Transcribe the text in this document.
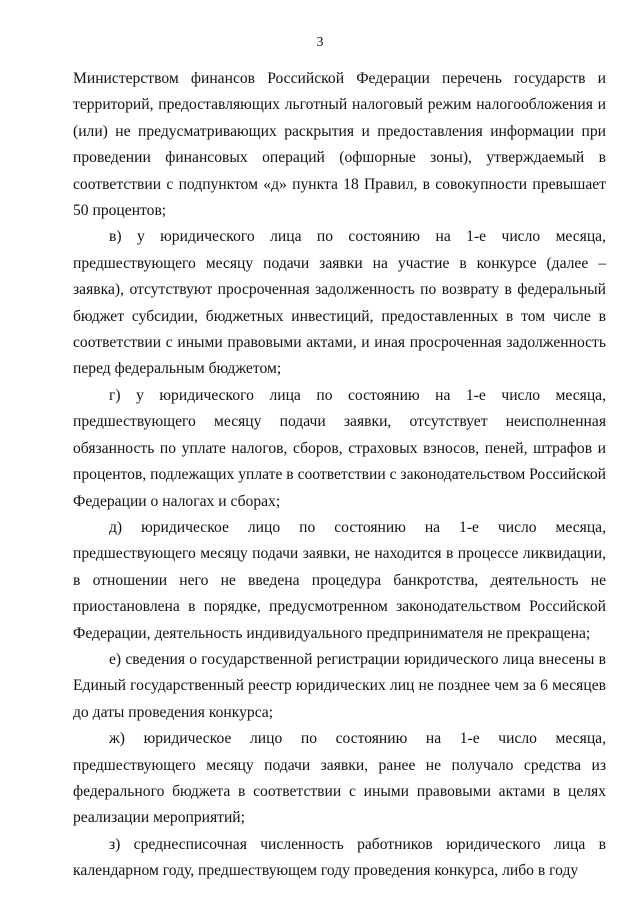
3

Министерством финансов Российской Федерации перечень государств и территорий, предоставляющих льготный налоговый режим налогообложения и (или) не предусматривающих раскрытия и предоставления информации при проведении финансовых операций (офшорные зоны), утверждаемый в соответствии с подпунктом «д» пункта 18 Правил, в совокупности превышает 50 процентов;

в) у юридического лица по состоянию на 1-е число месяца, предшествующего месяцу подачи заявки на участие в конкурсе (далее – заявка), отсутствуют просроченная задолженность по возврату в федеральный бюджет субсидии, бюджетных инвестиций, предоставленных в том числе в соответствии с иными правовыми актами, и иная просроченная задолженность перед федеральным бюджетом;

г) у юридического лица по состоянию на 1-е число месяца, предшествующего месяцу подачи заявки, отсутствует неисполненная обязанность по уплате налогов, сборов, страховых взносов, пеней, штрафов и процентов, подлежащих уплате в соответствии с законодательством Российской Федерации о налогах и сборах;

д) юридическое лицо по состоянию на 1-е число месяца, предшествующего месяцу подачи заявки, не находится в процессе ликвидации, в отношении него не введена процедура банкротства, деятельность не приостановлена в порядке, предусмотренном законодательством Российской Федерации, деятельность индивидуального предпринимателя не прекращена;

е) сведения о государственной регистрации юридического лица внесены в Единый государственный реестр юридических лиц не позднее чем за 6 месяцев до даты проведения конкурса;

ж) юридическое лицо по состоянию на 1-е число месяца, предшествующего месяцу подачи заявки, ранее не получало средства из федерального бюджета в соответствии с иными правовыми актами в целях реализации мероприятий;

з) среднесписочная численность работников юридического лица в календарном году, предшествующем году проведения конкурса, либо в году
